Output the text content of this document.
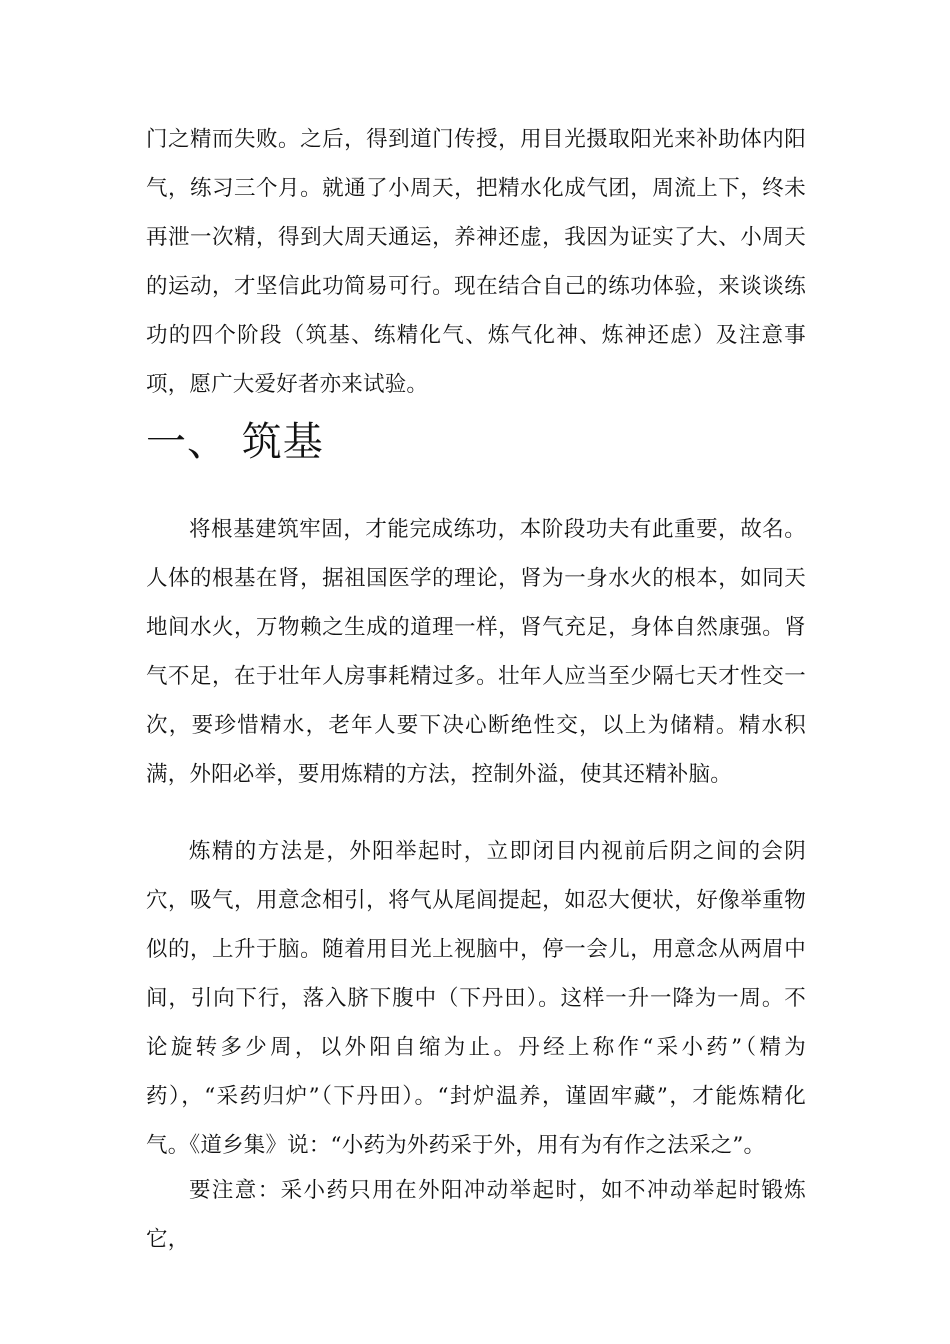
门之精而失败。之后，得到道门传授，用目光摄取阳光来补助体内阳气，练习三个月。就通了小周天，把精水化成气团，周流上下，终未再泄一次精，得到大周天通运，养神还虚，我因为证实了大、小周天的运动，才坚信此功简易可行。现在结合自己的练功体验，来谈谈练功的四个阶段（筑基、练精化气、炼气化神、炼神还虑）及注意事项，愿广大爱好者亦来试验。

一、 筑基

将根基建筑牢固，才能完成练功，本阶段功夫有此重要，故名。人体的根基在肾，据祖国医学的理论，肾为一身水火的根本，如同天地间水火，万物赖之生成的道理一样，肾气充足，身体自然康强。肾气不足，在于壮年人房事耗精过多。壮年人应当至少隔七天才性交一次，要珍惜精水，老年人要下决心断绝性交，以上为储精。精水积满，外阳必举，要用炼精的方法，控制外溢，使其还精补脑。

炼精的方法是，外阳举起时，立即闭目内视前后阴之间的会阴穴，吸气，用意念相引，将气从尾闾提起，如忍大便状，好像举重物似的，上升于脑。随着用目光上视脑中，停一会儿，用意念从两眉中间，引向下行，落入脐下腹中（下丹田）。这样一升一降为一周。不论旋转多少周，以外阳自缩为止。丹经上称作“采小药”（精为药），“采药归炉”（下丹田）。“封炉温养，谨固牢藏”，才能炼精化气。《道乡集》说：“小药为外药采于外，用有为有作之法采之”。

要注意：采小药只用在外阳冲动举起时，如不冲动举起时锻炼它，
